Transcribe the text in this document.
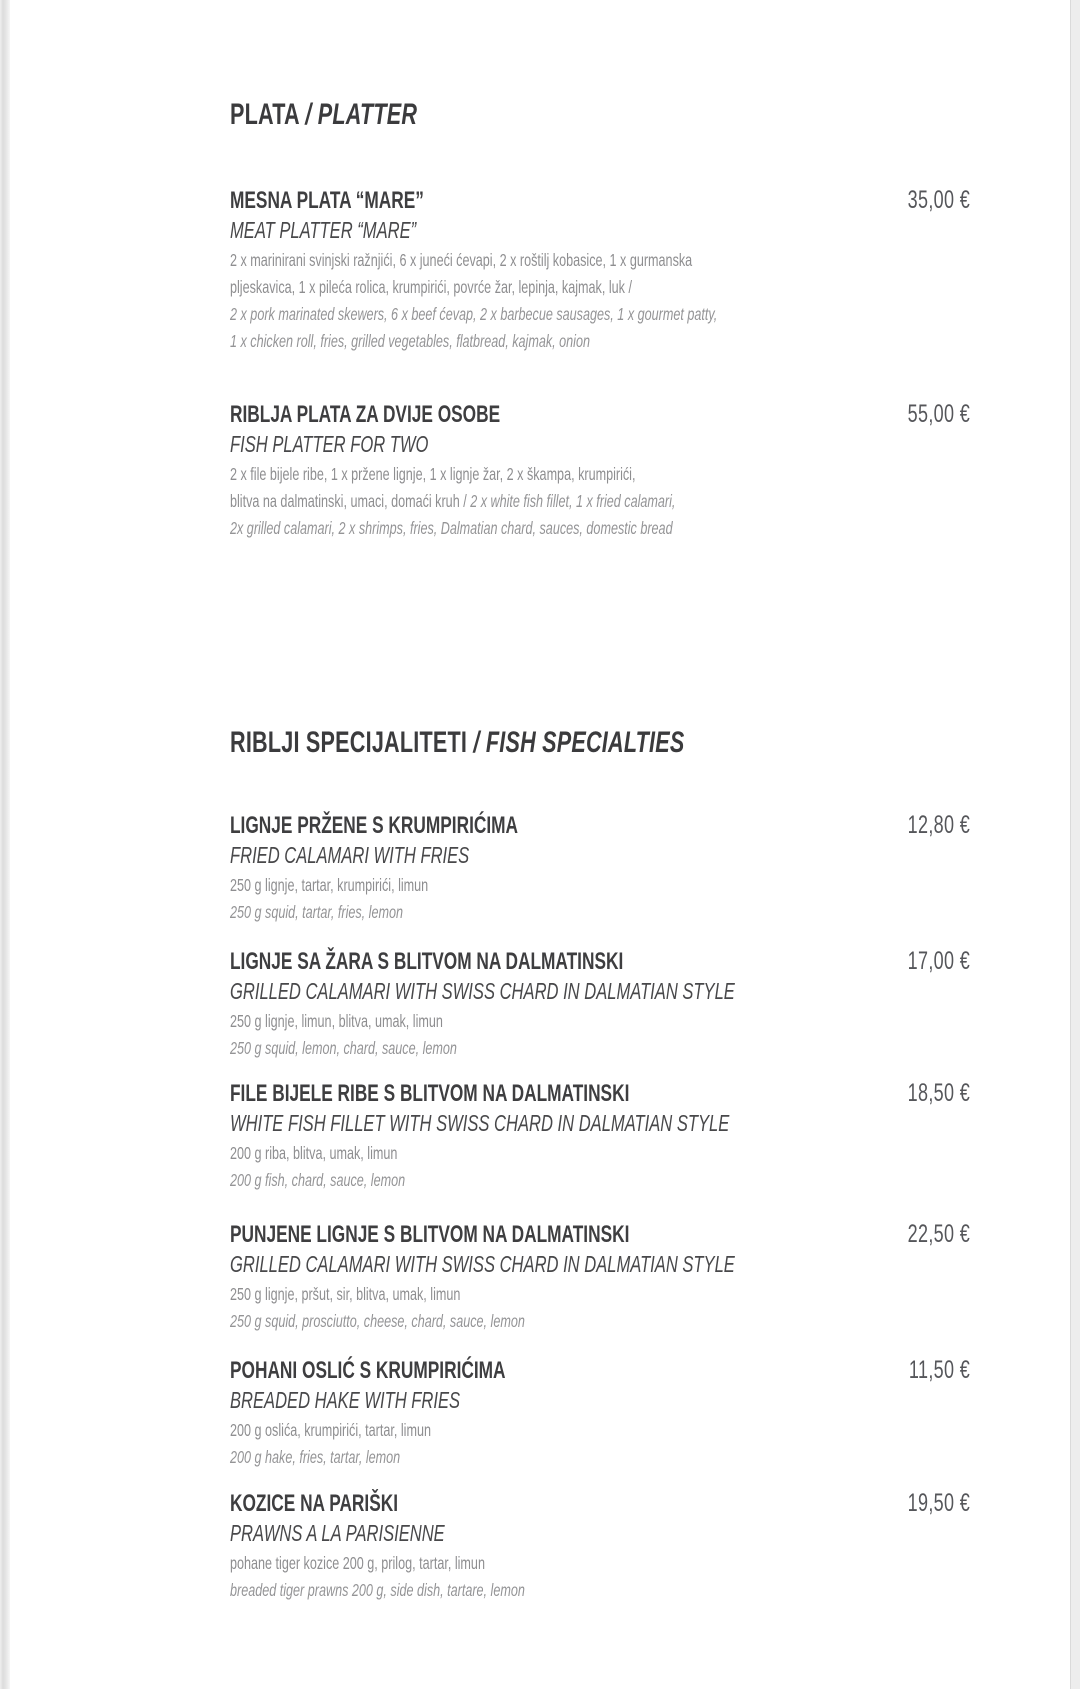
PLATA / PLATTER
MESNA PLATA “MARE”	35,00 €
MEAT PLATTER “MARE”
2 x marinirani svinjski ražnjići, 6 x juneći ćevapi, 2 x roštilj kobasice, 1 x gurmanska
pljeskavica, 1 x pileća rolica, krumpirići, povrće žar, lepinja, kajmak, luk /
2 x pork marinated skewers, 6 x beef ćevap, 2 x barbecue sausages, 1 x gourmet patty,
1 x chicken roll, fries, grilled vegetables, flatbread, kajmak, onion
RIBLJA PLATA ZA DVIJE OSOBE	55,00 €
FISH PLATTER FOR TWO
2 x file bijele ribe, 1 x pržene lignje, 1 x lignje žar, 2 x škampa, krumpirići,
blitva na dalmatinski, umaci, domaći kruh / 2 x white fish fillet, 1 x fried calamari,
2x grilled calamari, 2 x shrimps, fries, Dalmatian chard, sauces, domestic bread
RIBLJI SPECIJALITETI / FISH SPECIALTIES
LIGNJE PRŽENE S KRUMPIRIĆIMA	12,80 €
FRIED CALAMARI WITH FRIES
250 g lignje, tartar, krumpirići, limun
250 g squid, tartar, fries, lemon
LIGNJE SA ŽARA S BLITVOM NA DALMATINSKI	17,00 €
GRILLED CALAMARI WITH SWISS CHARD IN DALMATIAN STYLE
250 g lignje, limun, blitva, umak, limun
250 g squid, lemon, chard, sauce, lemon
FILE BIJELE RIBE S BLITVOM NA DALMATINSKI	18,50 €
WHITE FISH FILLET WITH SWISS CHARD IN DALMATIAN STYLE
200 g riba, blitva, umak, limun
200 g fish, chard, sauce, lemon
PUNJENE LIGNJE S BLITVOM NA DALMATINSKI	22,50 €
GRILLED CALAMARI WITH SWISS CHARD IN DALMATIAN STYLE
250 g lignje, pršut, sir, blitva, umak, limun
250 g squid, prosciutto, cheese, chard, sauce, lemon
POHANI OSLIĆ S KRUMPIRIĆIMA	11,50 €
BREADED HAKE WITH FRIES
200 g oslića, krumpirići, tartar, limun
200 g hake, fries, tartar, lemon
KOZICE NA PARIŠKI	19,50 €
PRAWNS A LA PARISIENNE
pohane tiger kozice 200 g, prilog, tartar, limun
breaded tiger prawns 200 g, side dish, tartare, lemon
